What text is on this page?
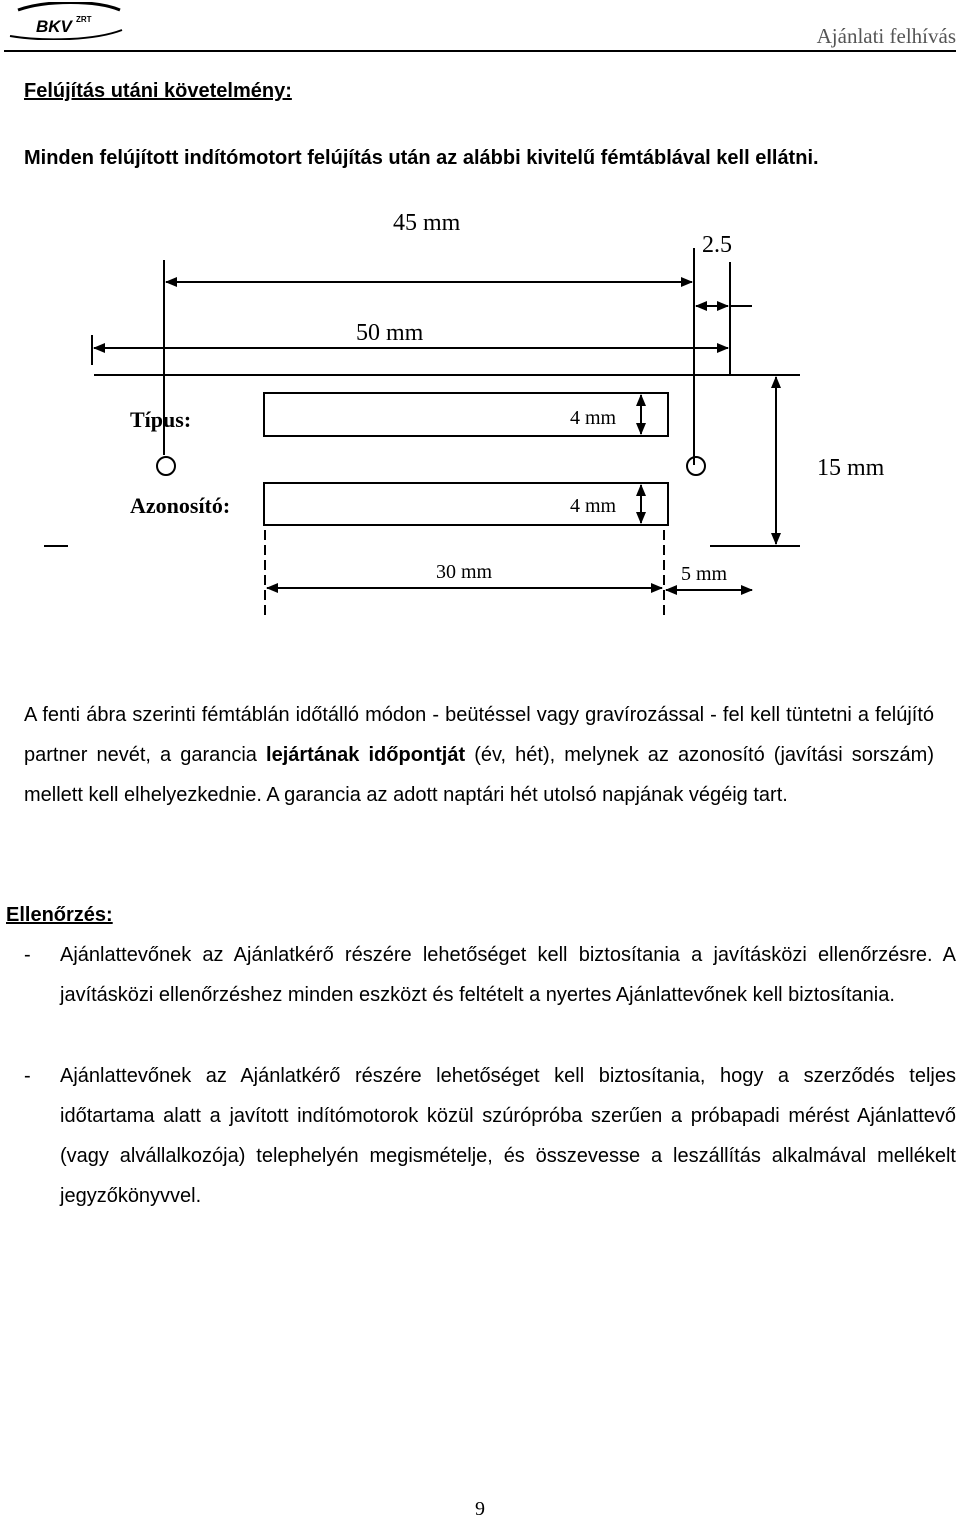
BKV ZRT
Ajánlati felhívás
Felújítás utáni követelmény:
Minden felújított indítómotort felújítás után az alábbi kivitelű fémtáblával kell ellátni.
45 mm
2.5
50 mm
Típus:
Azonosító:
4 mm
4 mm
15 mm
30 mm	5 mm
A fenti ábra szerinti fémtáblán időtálló módon - beütéssel vagy gravírozással - fel kell tüntetni a felújító partner nevét, a garancia lejártának időpontját (év, hét), melynek az azonosító (javítási sorszám) mellett kell elhelyezkednie. A garancia az adott naptári hét utolsó napjának végéig tart.
Ellenőrzés:
- Ajánlattevőnek az Ajánlatkérő részére lehetőséget kell biztosítania a javításközi ellenőrzésre. A javításközi ellenőrzéshez minden eszközt és feltételt a nyertes Ajánlattevőnek kell biztosítania.
- Ajánlattevőnek az Ajánlatkérő részére lehetőséget kell biztosítania, hogy a szerződés teljes időtartama alatt a javított indítómotorok közül szúrópróba szerűen a próbapadi mérést Ajánlattevő (vagy alvállalkozója) telephelyén megismételje, és összevesse a leszállítás alkalmával mellékelt jegyzőkönyvvel.
9
